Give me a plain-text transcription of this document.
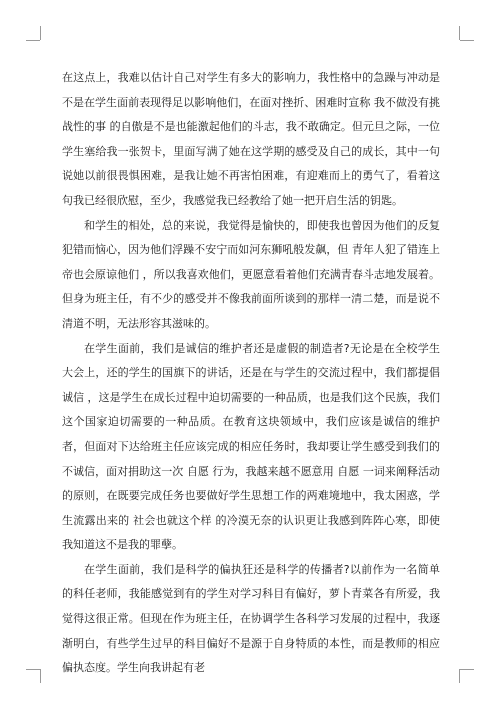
在这点上，我难以估计自己对学生有多大的影响力，我性格中的急躁与冲动是不是在学生面前表现得足以影响他们，在面对挫折、困难时宣称 我不做没有挑战性的事 的自傲是不是也能激起他们的斗志，我不敢确定。但元旦之际，一位学生塞给我一张贺卡，里面写满了她在这学期的感受及自己的成长，其中一句说她以前很畏惧困难，是我让她不再害怕困难，有迎难而上的勇气了，看着这句我已经很欣慰，至少，我感觉我已经教给了她一把开启生活的钥匙。

和学生的相处，总的来说，我觉得是愉快的，即使我也曾因为他们的反复犯错而恼心，因为他们浮躁不安宁而如河东狮吼般发飙，但 青年人犯了错连上帝也会原谅他们 ，所以我喜欢他们，更愿意看着他们充满青春斗志地发展着。但身为班主任，有不少的感受并不像我前面所谈到的那样一清二楚，而是说不清道不明，无法形容其滋味的。

在学生面前，我们是诚信的维护者还是虚假的制造者?无论是在全校学生大会上，还的学生的国旗下的讲话，还是在与学生的交流过程中，我们都提倡 诚信 ，这是学生在成长过程中迫切需要的一种品质，也是我们这个民族，我们这个国家迫切需要的一种品质。在教育这块领域中，我们应该是诚信的维护者，但面对下达给班主任应该完成的相应任务时，我却要让学生感受到我们的不诚信，面对捐助这一次 自愿 行为，我越来越不愿意用 自愿 一词来阐释活动的原则，在既要完成任务也要做好学生思想工作的两难境地中，我太困惑，学生流露出来的 社会也就这个样 的冷漠无奈的认识更让我感到阵阵心寒，即使我知道这不是我的罪孽。

在学生面前，我们是科学的偏执狂还是科学的传播者?以前作为一名简单的科任老师，我能感觉到有的学生对学习科目有偏好，萝卜青菜各有所爱，我觉得这很正常。但现在作为班主任，在协调学生各科学习发展的过程中，我逐渐明白，有些学生过早的科目偏好不是源于自身特质的本性，而是教师的相应偏执态度。学生向我讲起有老
